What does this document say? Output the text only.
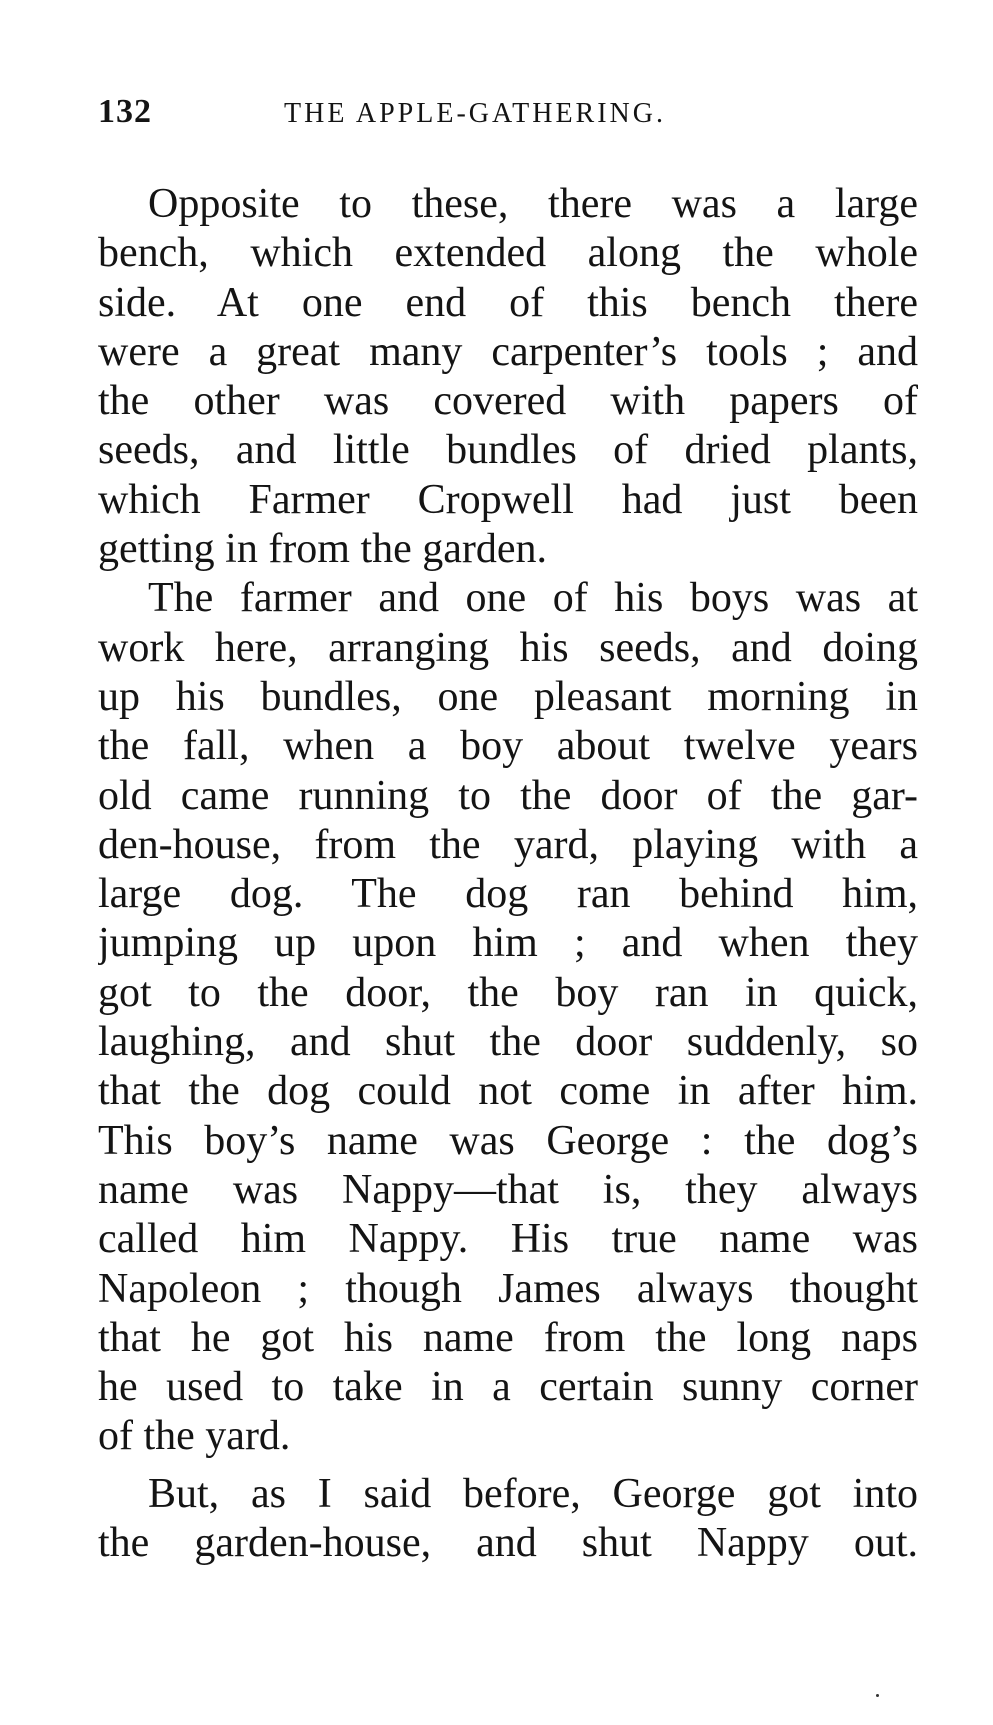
132	THE APPLE-GATHERING.
Opposite to these, there was a large
bench, which extended along the whole
side. At one end of this bench there
were a great many carpenter’s tools ; and
the other was covered with papers of
seeds, and little bundles of dried plants,
which Farmer Cropwell had just been
getting in from the garden.
The farmer and one of his boys was at
work here, arranging his seeds, and doing
up his bundles, one pleasant morning in
the fall, when a boy about twelve years
old came running to the door of the gar-
den-house, from the yard, playing with a
large dog. The dog ran behind him,
jumping up upon him ; and when they
got to the door, the boy ran in quick,
laughing, and shut the door suddenly, so
that the dog could not come in after him.
This boy’s name was George : the dog’s
name was Nappy—that is, they always
called him Nappy. His true name was
Napoleon ; though James always thought
that he got his name from the long naps
he used to take in a certain sunny corner
of the yard.
But, as I said before, George got into
the garden-house, and shut Nappy out.
